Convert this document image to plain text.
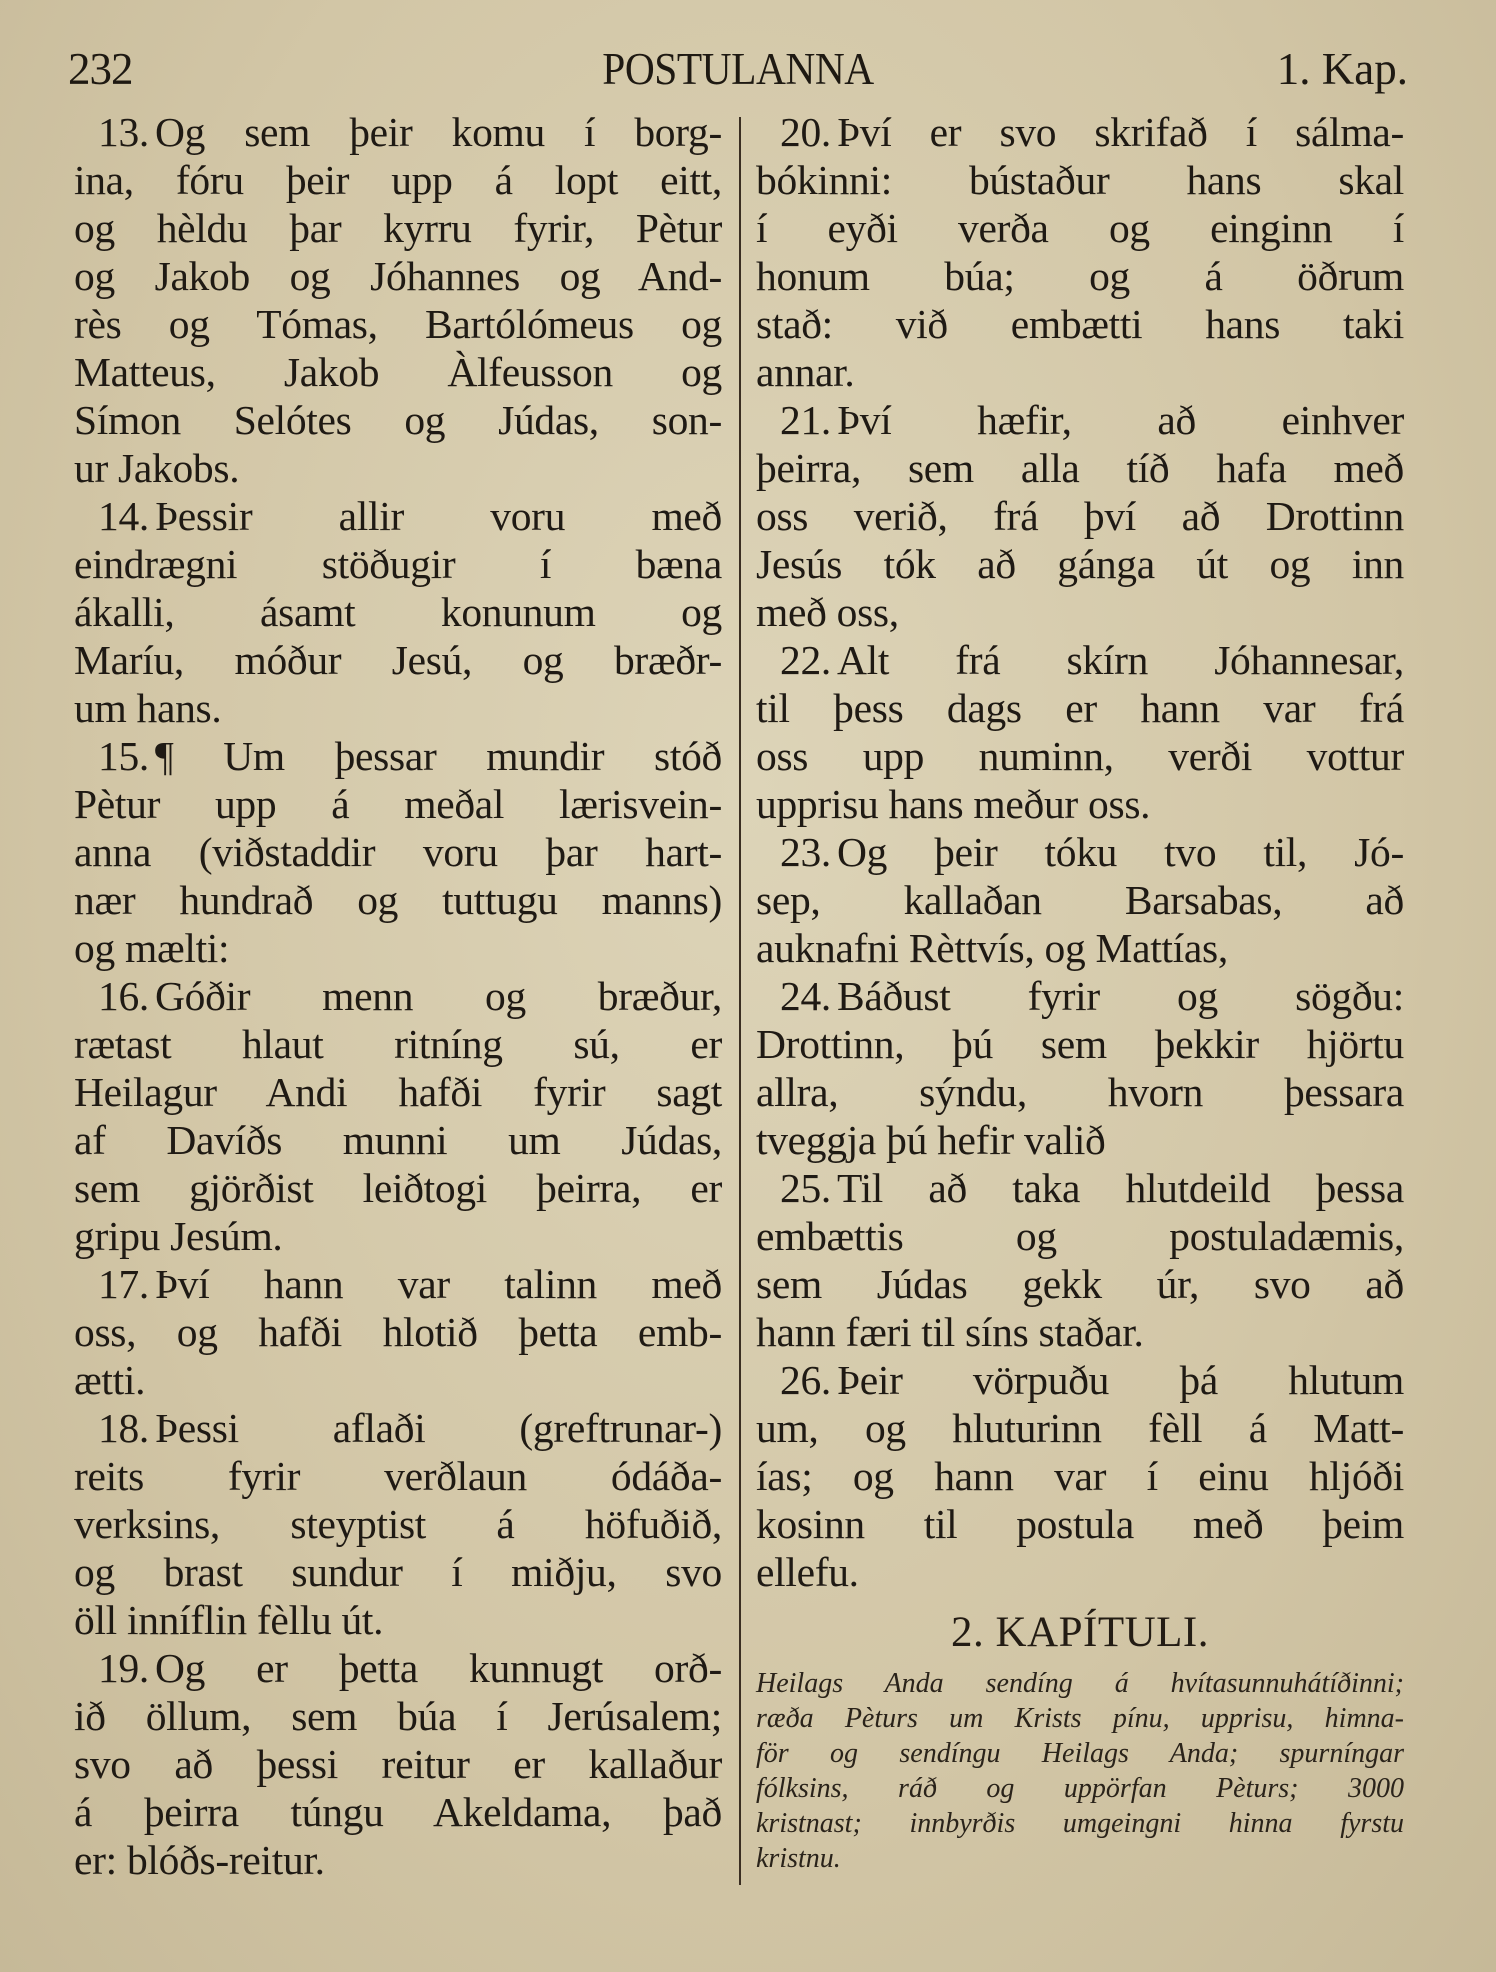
232	POSTULANNA	1. Kap.
13. Og sem þeir komu í borg-
ina, fóru þeir upp á lopt eitt,
og hèldu þar kyrru fyrir, Pètur
og Jakob og Jóhannes og And-
rès og Tómas, Bartólómeus og
Matteus, Jakob Àlfeusson og
Símon Selótes og Júdas, son-
ur Jakobs.
14. Þessir allir voru með
eindrægni stöðugir í bæna
ákalli, ásamt konunum og
Maríu, móður Jesú, og bræðr-
um hans.
15. ¶ Um þessar mundir stóð
Pètur upp á meðal lærisvein-
anna (viðstaddir voru þar hart-
nær hundrað og tuttugu manns)
og mælti:
16. Góðir menn og bræður,
rætast hlaut ritníng sú, er
Heilagur Andi hafði fyrir sagt
af Davíðs munni um Júdas,
sem gjörðist leiðtogi þeirra, er
gripu Jesúm.
17. Því hann var talinn með
oss, og hafði hlotið þetta emb-
ætti.
18. Þessi aflaði (greftrunar-)
reits fyrir verðlaun ódáða-
verksins, steyptist á höfuðið,
og brast sundur í miðju, svo
öll inníflin fèllu út.
19. Og er þetta kunnugt orð-
ið öllum, sem búa í Jerúsalem;
svo að þessi reitur er kallaður
á þeirra túngu Akeldama, það
er: blóðs-reitur.
20. Því er svo skrifað í sálma-
bókinni: bústaður hans skal
í eyði verða og einginn í
honum búa; og á öðrum
stað: við embætti hans taki
annar.
21. Því hæfir, að einhver
þeirra, sem alla tíð hafa með
oss verið, frá því að Drottinn
Jesús tók að gánga út og inn
með oss,
22. Alt frá skírn Jóhannesar,
til þess dags er hann var frá
oss upp numinn, verði vottur
upprisu hans meður oss.
23. Og þeir tóku tvo til, Jó-
sep, kallaðan Barsabas, að
auknafni Rèttvís, og Mattías,
24. Báðust fyrir og sögðu:
Drottinn, þú sem þekkir hjörtu
allra, sýndu, hvorn þessara
tveggja þú hefir valið
25. Til að taka hlutdeild þessa
embættis og postuladæmis,
sem Júdas gekk úr, svo að
hann færi til síns staðar.
26. Þeir vörpuðu þá hlutum
um, og hluturinn fèll á Matt-
ías; og hann var í einu hljóði
kosinn til postula með þeim
ellefu.
2. KAPÍTULI.
Heilags Anda sendíng á hvítasunnuhátíðinni;
ræða Pèturs um Krists pínu, upprisu, himna-
för og sendíngu Heilags Anda; spurníngar
fólksins, ráð og uppörfan Pèturs; 3000
kristnast; innbyrðis umgeingni hinna fyrstu
kristnu.
